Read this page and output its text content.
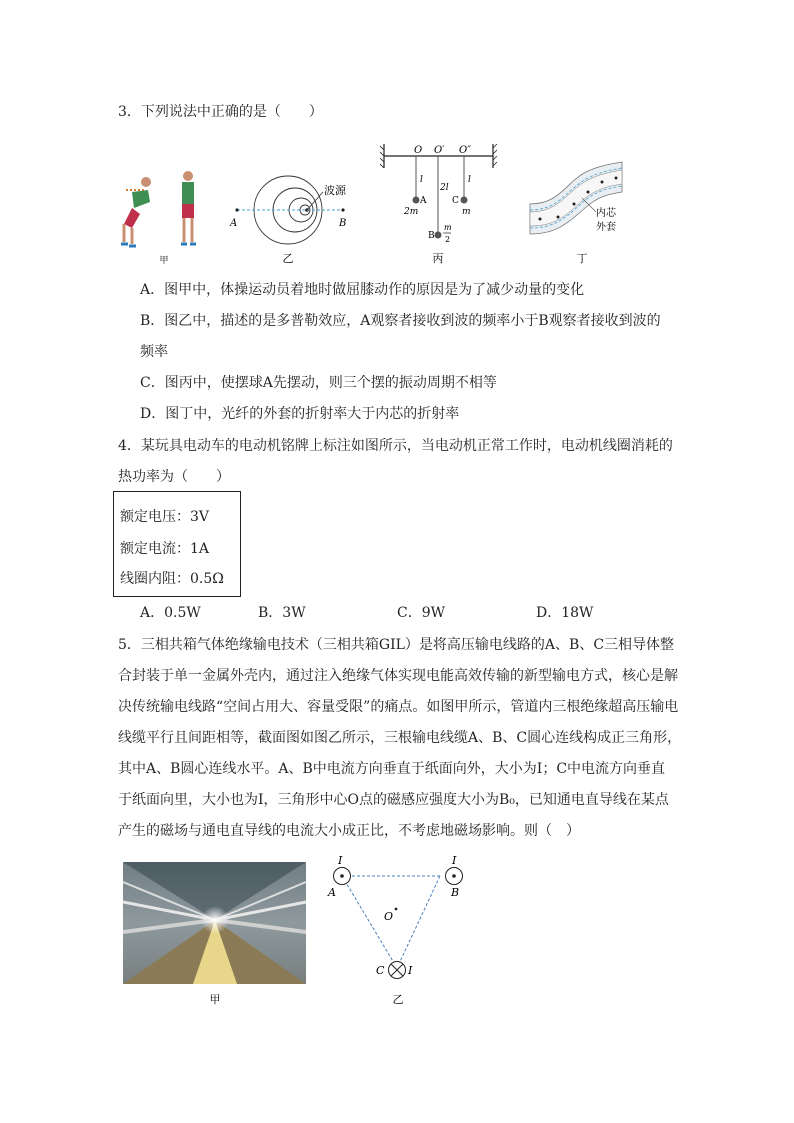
3．下列说法中正确的是（　　）
甲
波源
A	B
乙
O O′ O″
l
2l
l
A
2m
C
m
B
m
2
丙
内芯
外套
丁
A．图甲中，体操运动员着地时做屈膝动作的原因是为了减少动量的变化
B．图乙中，描述的是多普勒效应，A观察者接收到波的频率小于B观察者接收到波的
频率
C．图丙中，使摆球A先摆动，则三个摆的振动周期不相等
D．图丁中，光纤的外套的折射率大于内芯的折射率
4．某玩具电动车的电动机铭牌上标注如图所示，当电动机正常工作时，电动机线圈消耗的
热功率为（　　）
额定电压：3V
额定电流：1A
线圈内阻：0.5Ω
A．0.5W	B．3W	C．9W	D．18W
5．三相共箱气体绝缘输电技术（三相共箱GIL）是将高压输电线路的A、B、C三相导体整
合封装于单一金属外壳内，通过注入绝缘气体实现电能高效传输的新型输电方式，核心是解
决传统输电线路“空间占用大、容量受限”的痛点。如图甲所示，管道内三根绝缘超高压输电
线缆平行且间距相等，截面图如图乙所示，三根输电线缆A、B、C圆心连线构成正三角形，
其中A、B圆心连线水平。A、B中电流方向垂直于纸面向外，大小为I；C中电流方向垂直
于纸面向里，大小也为I，三角形中心O点的磁感应强度大小为B₀，已知通电直导线在某点
产生的磁场与通电直导线的电流大小成正比，不考虑地磁场影响。则（　）
甲
I	I
I
A	B
C
O
乙
